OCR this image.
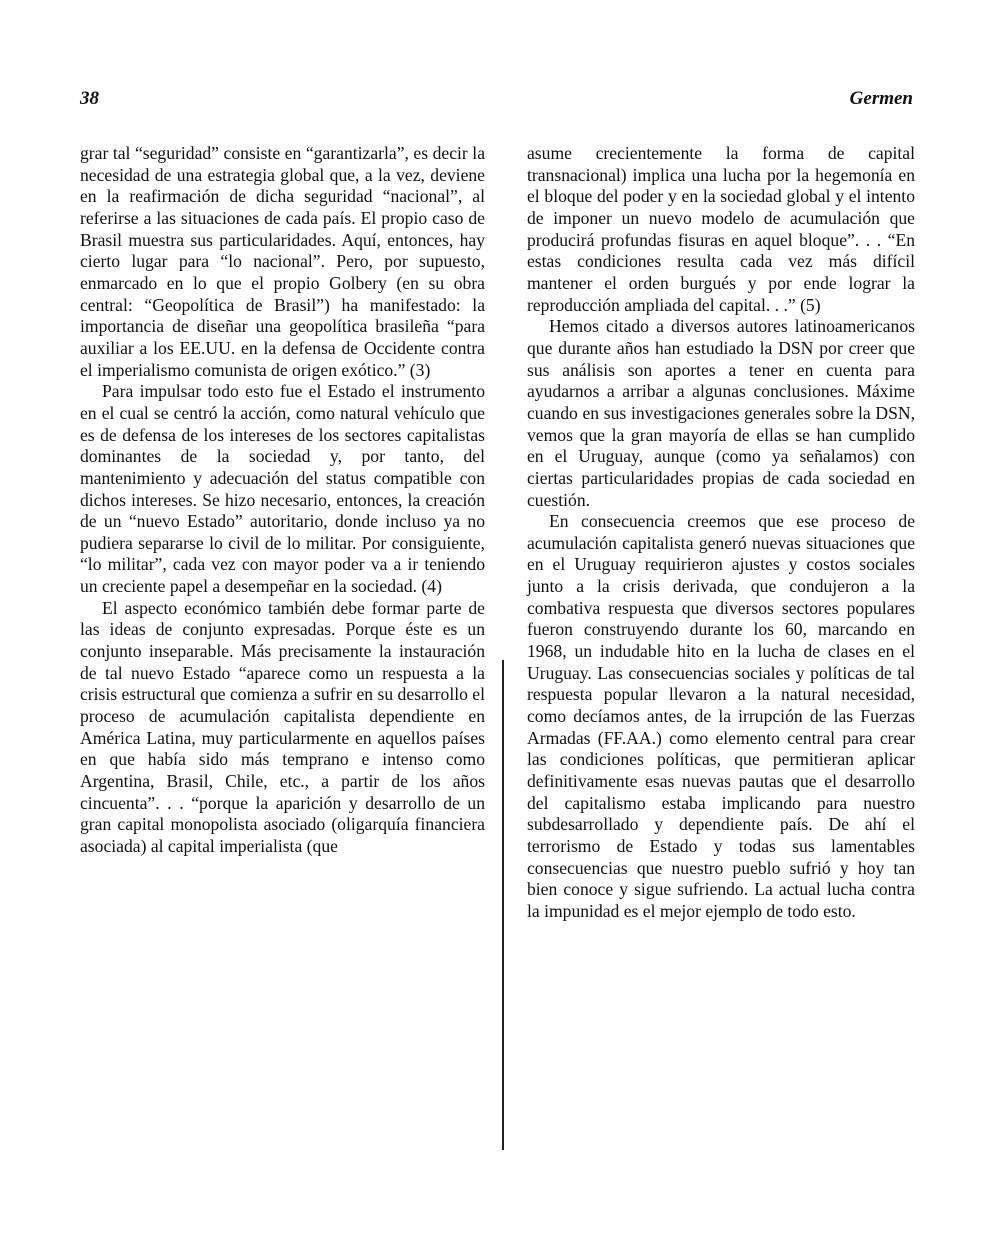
38	Germen

grar tal “seguridad” consiste en “garantizarla”, es decir la necesidad de una estrategia global que, a la vez, deviene en la reafirmación de dicha seguridad “nacional”, al referirse a las situaciones de cada país. El propio caso de Brasil muestra sus particularidades. Aquí, entonces, hay cierto lugar para “lo nacional”. Pero, por supuesto, enmarcado en lo que el propio Golbery (en su obra central: “Geopolítica de Brasil”) ha manifestado: la importancia de diseñar una geopolítica brasileña “para auxiliar a los EE.UU. en la defensa de Occidente contra el imperialismo comunista de origen exótico.” (3)

Para impulsar todo esto fue el Estado el instrumento en el cual se centró la acción, como natural vehículo que es de defensa de los intereses de los sectores capitalistas dominantes de la sociedad y, por tanto, del mantenimiento y adecuación del status compatible con dichos intereses. Se hizo necesario, entonces, la creación de un “nuevo Estado” autoritario, donde incluso ya no pudiera separarse lo civil de lo militar. Por consiguiente, “lo militar”, cada vez con mayor poder va a ir teniendo un creciente papel a desempeñar en la sociedad. (4)

El aspecto económico también debe formar parte de las ideas de conjunto expresadas. Porque éste es un conjunto inseparable. Más precisamente la instauración de tal nuevo Estado “aparece como un respuesta a la crisis estructural que comienza a sufrir en su desarrollo el proceso de acumulación capitalista dependiente en América Latina, muy particularmente en aquellos países en que había sido más temprano e intenso como Argentina, Brasil, Chile, etc., a partir de los años cincuenta”. . . “porque la aparición y desarrollo de un gran capital monopolista asociado (oligarquía financiera asociada) al capital imperialista (que

asume crecientemente la forma de capital transnacional) implica una lucha por la hegemonía en el bloque del poder y en la sociedad global y el intento de imponer un nuevo modelo de acumulación que producirá profundas fisuras en aquel bloque”. . . “En estas condiciones resulta cada vez más difícil mantener el orden burgués y por ende lograr la reproducción ampliada del capital. . .” (5)

Hemos citado a diversos autores latinoamericanos que durante años han estudiado la DSN por creer que sus análisis son aportes a tener en cuenta para ayudarnos a arribar a algunas conclusiones. Máxime cuando en sus investigaciones generales sobre la DSN, vemos que la gran mayoría de ellas se han cumplido en el Uruguay, aunque (como ya señalamos) con ciertas particularidades propias de cada sociedad en cuestión.

En consecuencia creemos que ese proceso de acumulación capitalista generó nuevas situaciones que en el Uruguay requirieron ajustes y costos sociales junto a la crisis derivada, que condujeron a la combativa respuesta que diversos sectores populares fueron construyendo durante los 60, marcando en 1968, un indudable hito en la lucha de clases en el Uruguay. Las consecuencias sociales y políticas de tal respuesta popular llevaron a la natural necesidad, como decíamos antes, de la irrupción de las Fuerzas Armadas (FF.AA.) como elemento central para crear las condiciones políticas, que permitieran aplicar definitivamente esas nuevas pautas que el desarrollo del capitalismo estaba implicando para nuestro subdesarrollado y dependiente país. De ahí el terrorismo de Estado y todas sus lamentables consecuencias que nuestro pueblo sufrió y hoy tan bien conoce y sigue sufriendo. La actual lucha contra la impunidad es el mejor ejemplo de todo esto.
